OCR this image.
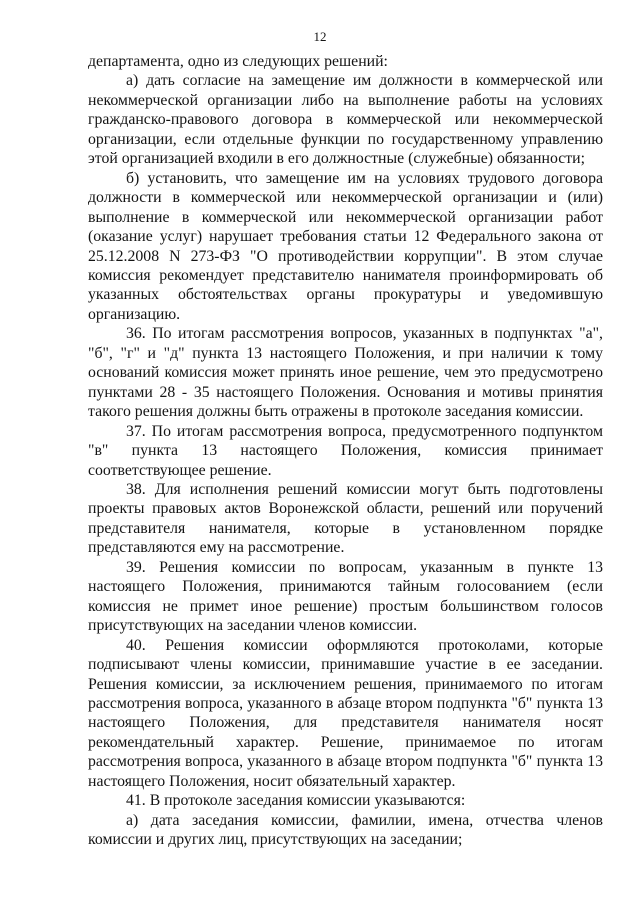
12

департамента, одно из следующих решений:

а) дать согласие на замещение им должности в коммерческой или некоммерческой организации либо на выполнение работы на условиях гражданско-правового договора в коммерческой или некоммерческой организации, если отдельные функции по государственному управлению этой организацией входили в его должностные (служебные) обязанности;

б) установить, что замещение им на условиях трудового договора должности в коммерческой или некоммерческой организации и (или) выполнение в коммерческой или некоммерческой организации работ (оказание услуг) нарушает требования статьи 12 Федерального закона от 25.12.2008 N 273-ФЗ "О противодействии коррупции". В этом случае комиссия рекомендует представителю нанимателя проинформировать об указанных обстоятельствах органы прокуратуры и уведомившую организацию.

36. По итогам рассмотрения вопросов, указанных в подпунктах "а", "б", "г" и "д" пункта 13 настоящего Положения, и при наличии к тому оснований комиссия может принять иное решение, чем это предусмотрено пунктами 28 - 35 настоящего Положения. Основания и мотивы принятия такого решения должны быть отражены в протоколе заседания комиссии.

37. По итогам рассмотрения вопроса, предусмотренного подпунктом "в" пункта 13 настоящего Положения, комиссия принимает соответствующее решение.

38. Для исполнения решений комиссии могут быть подготовлены проекты правовых актов Воронежской области, решений или поручений представителя нанимателя, которые в установленном порядке представляются ему на рассмотрение.

39. Решения комиссии по вопросам, указанным в пункте 13 настоящего Положения, принимаются тайным голосованием (если комиссия не примет иное решение) простым большинством голосов присутствующих на заседании членов комиссии.

40. Решения комиссии оформляются протоколами, которые подписывают члены комиссии, принимавшие участие в ее заседании. Решения комиссии, за исключением решения, принимаемого по итогам рассмотрения вопроса, указанного в абзаце втором подпункта "б" пункта 13 настоящего Положения, для представителя нанимателя носят рекомендательный характер. Решение, принимаемое по итогам рассмотрения вопроса, указанного в абзаце втором подпункта "б" пункта 13 настоящего Положения, носит обязательный характер.

41. В протоколе заседания комиссии указываются:

а) дата заседания комиссии, фамилии, имена, отчества членов комиссии и других лиц, присутствующих на заседании;
